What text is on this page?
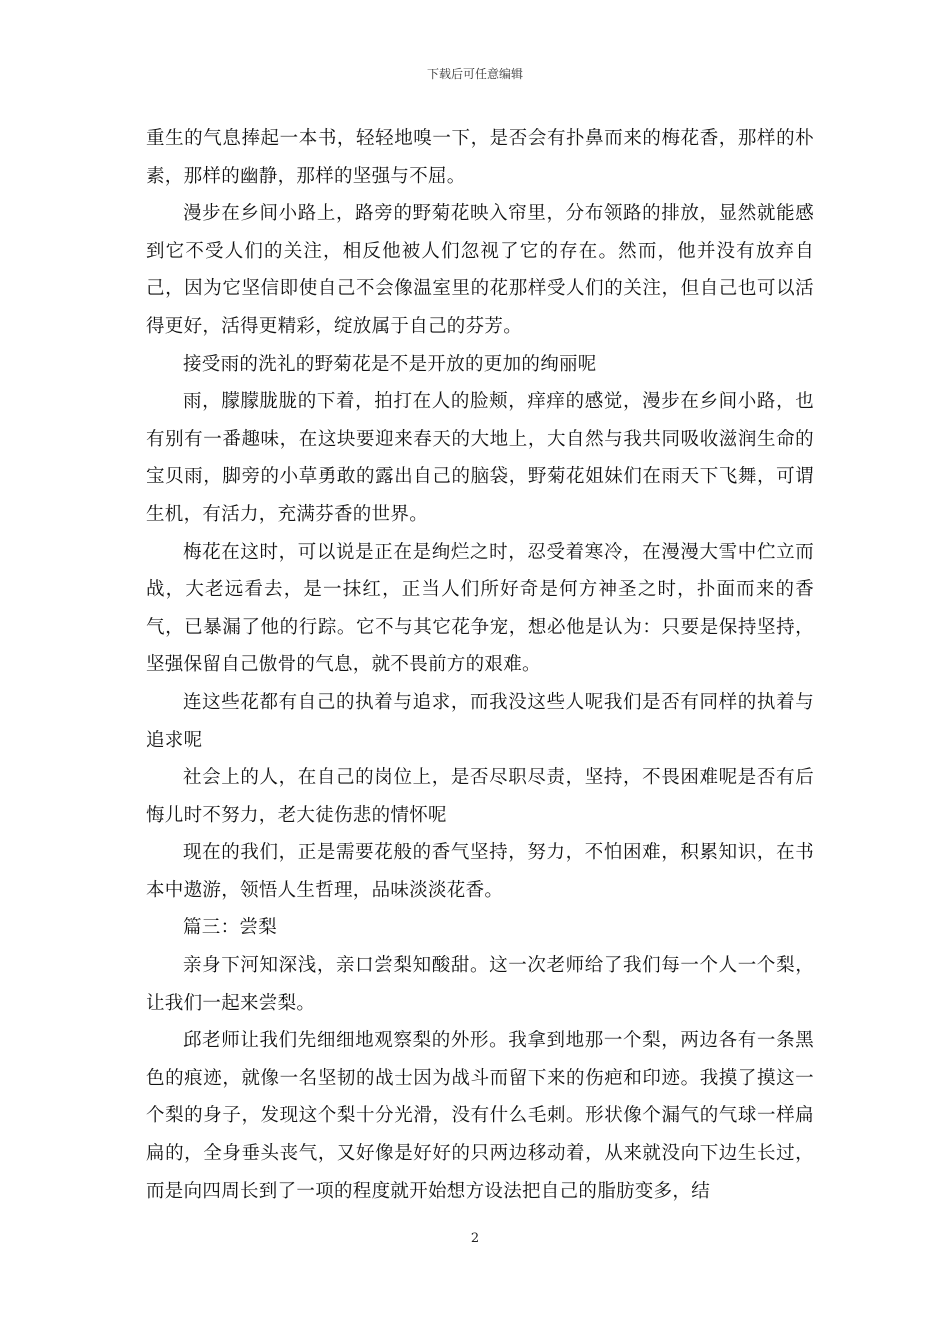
下载后可任意编辑

重生的气息捧起一本书，轻轻地嗅一下，是否会有扑鼻而来的梅花香，那样的朴素，那样的幽静，那样的坚强与不屈。

漫步在乡间小路上，路旁的野菊花映入帘里，分布领路的排放，显然就能感到它不受人们的关注，相反他被人们忽视了它的存在。然而，他并没有放弃自己，因为它坚信即使自己不会像温室里的花那样受人们的关注，但自己也可以活得更好，活得更精彩，绽放属于自己的芬芳。

接受雨的洗礼的野菊花是不是开放的更加的绚丽呢

雨，朦朦胧胧的下着，拍打在人的脸颊，痒痒的感觉，漫步在乡间小路，也有别有一番趣味，在这块要迎来春天的大地上，大自然与我共同吸收滋润生命的宝贝雨，脚旁的小草勇敢的露出自己的脑袋，野菊花姐妹们在雨天下飞舞，可谓生机，有活力，充满芬香的世界。

梅花在这时，可以说是正在是绚烂之时，忍受着寒冷，在漫漫大雪中伫立而战，大老远看去，是一抹红，正当人们所好奇是何方神圣之时，扑面而来的香气，已暴漏了他的行踪。它不与其它花争宠，想必他是认为：只要是保持坚持，坚强保留自己傲骨的气息，就不畏前方的艰难。

连这些花都有自己的执着与追求，而我没这些人呢我们是否有同样的执着与追求呢

社会上的人，在自己的岗位上，是否尽职尽责，坚持，不畏困难呢是否有后悔儿时不努力，老大徒伤悲的情怀呢

现在的我们，正是需要花般的香气坚持，努力，不怕困难，积累知识，在书本中遨游，领悟人生哲理，品味淡淡花香。

篇三：尝梨

亲身下河知深浅，亲口尝梨知酸甜。这一次老师给了我们每一个人一个梨，让我们一起来尝梨。

邱老师让我们先细细地观察梨的外形。我拿到地那一个梨，两边各有一条黑色的痕迹，就像一名坚韧的战士因为战斗而留下来的伤疤和印迹。我摸了摸这一个梨的身子，发现这个梨十分光滑，没有什么毛刺。形状像个漏气的气球一样扁扁的，全身垂头丧气，又好像是好好的只两边移动着，从来就没向下边生长过，而是向四周长到了一项的程度就开始想方设法把自己的脂肪变多，结

2
